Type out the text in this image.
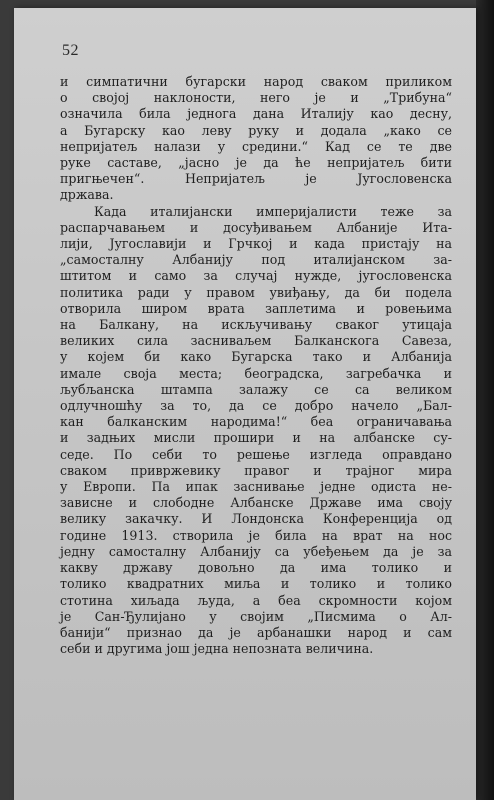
52
и симпатични бугарски народ сваком приликом
о својој наклоности, него је и „Трибуна“
означила била једнога дана Италију као десну,
а Бугарску као леву руку и додала „како се
непријатељ налази у средини.“ Кад се те две
руке саставе, „јасно је да ће непријатељ бити
пригњечен“. Непријатељ је Југословенска
држава.
Када италијански империјалисти теже за
распарчавањем и досуђивањем Албаније Ита-
лији, Југославији и Грчкој и када пристају на
„самосталну Албанију под италијанском за-
штитом и само за случај нужде, југословенска
политика ради у правом увиђању, да би подела
отворила широм врата заплетима и ровењима
на Балкану, на искључивању сваког утицаја
великих сила засниваљем Балканскога Савеза,
у којем би како Бугарска тако и Албанија
имале своја места; београдска, загребачка и
љубљанска штампа залажу се са великом
одлучношћу за то, да се добро начело „Бал-
кан балканским народима!“ беа ограничавања
и задњих мисли прошири и на албанске су-
седе. По себи то решење изгледа оправдано
сваком привржевику правог и трајног мира
у Европи. Па ипак заснивање једне одиста не-
зависне и слободне Албанске Државе има своју
велику закачку. И Лондонска Конференција од
године 1913. створила је била на врат на нос
једну самосталну Албанију са убеђењем да је за
какву државу довољно да има толико и
толико квадратних миља и толико и толико
стотина хиљада људа, а беа скромности којом
је Сан-Ђулијано у својим „Писмима о Ал-
банији“ признао да је арбанашки народ и сам
себи и другима још једна непозната величина.
